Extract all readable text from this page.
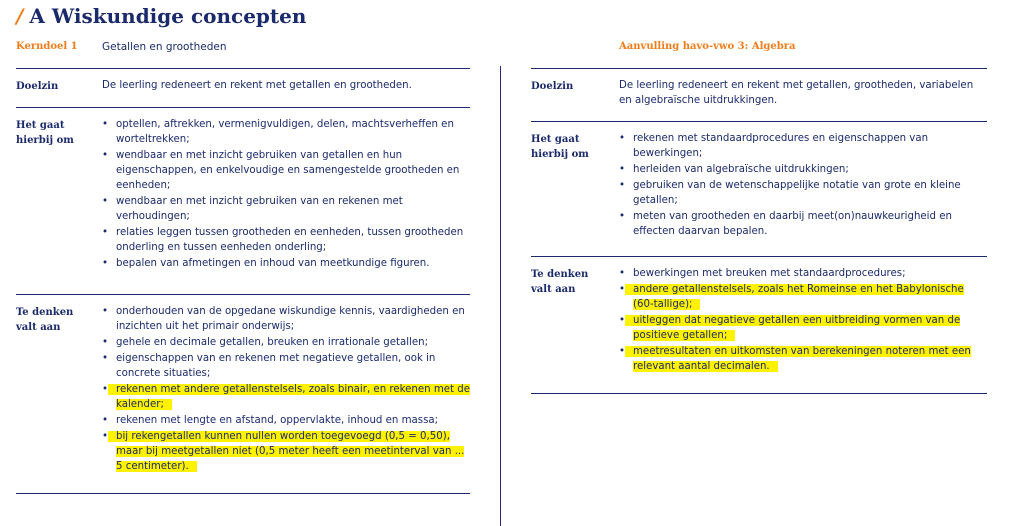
/ A Wiskundige concepten
Kerndoel 1 Getallen en grootheden
Doelzin	De leerling redeneert en rekent met getallen en grootheden.
Het gaat hierbij om
• optellen, aftrekken, vermenigvuldigen, delen, machtsverheffen en worteltrekken;
• wendbaar en met inzicht gebruiken van getallen en hun eigenschappen, en enkelvoudige en samengestelde grootheden en eenheden;
• wendbaar en met inzicht gebruiken van en rekenen met verhoudingen;
• relaties leggen tussen grootheden en eenheden, tussen grootheden onderling en tussen eenheden onderling;
• bepalen van afmetingen en inhoud van meetkundige figuren.
Te denken valt aan
• onderhouden van de opgedane wiskundige kennis, vaardigheden en inzichten uit het primair onderwijs;
• gehele en decimale getallen, breuken en irrationale getallen;
• eigenschappen van en rekenen met negatieve getallen, ook in concrete situaties;
• rekenen met andere getallenstelsels, zoals binair, en rekenen met de kalender;
• rekenen met lengte en afstand, oppervlakte, inhoud en massa;
• bij rekengetallen kunnen nullen worden toegevoegd (0,5 = 0,50), maar bij meetgetallen niet (0,5 meter heeft een meetinterval van ... 5 centimeter).
Aanvulling havo-vwo 3: Algebra
Doelzin	De leerling redeneert en rekent met getallen, grootheden, variabelen en algebraïsche uitdrukkingen.
Het gaat hierbij om
• rekenen met standaardprocedures en eigenschappen van bewerkingen;
• herleiden van algebraïsche uitdrukkingen;
• gebruiken van de wetenschappelijke notatie van grote en kleine getallen;
• meten van grootheden en daarbij meet(on)nauwkeurigheid en effecten daarvan bepalen.
Te denken valt aan
• bewerkingen met breuken met standaardprocedures;
• andere getallenstelsels, zoals het Romeinse en het Babylonische (60-tallige);
• uitleggen dat negatieve getallen een uitbreiding vormen van de positieve getallen;
• meetresultaten en uitkomsten van berekeningen noteren met een relevant aantal decimalen.
